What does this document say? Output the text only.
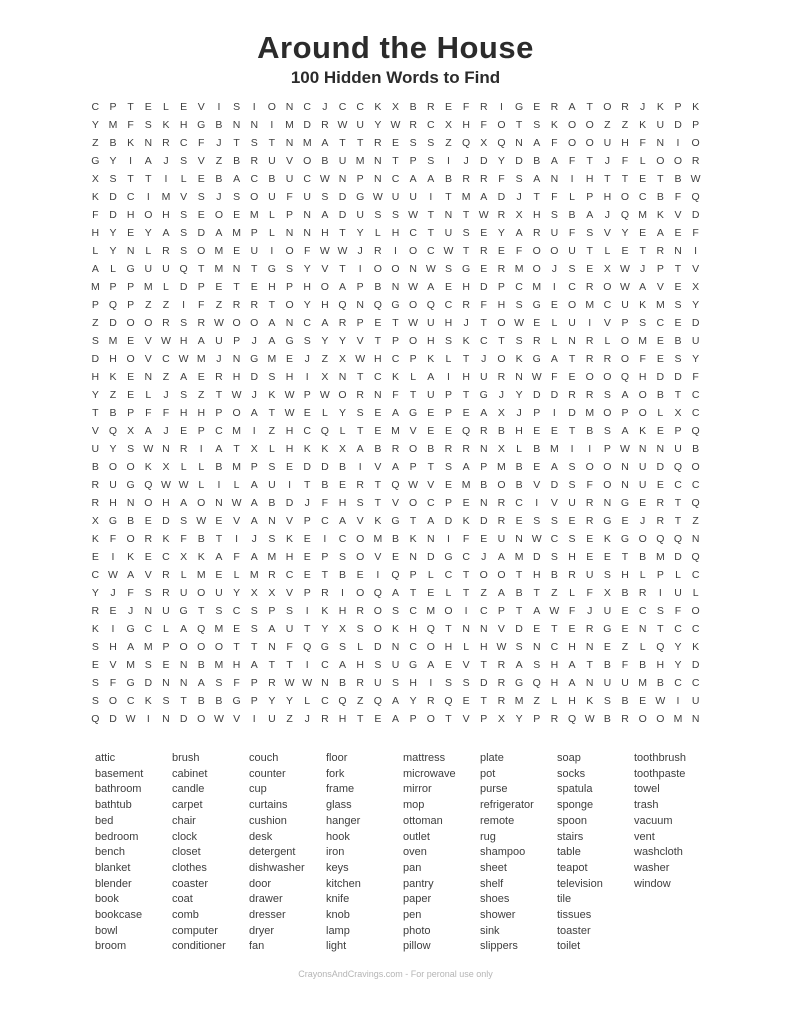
Around the House
100 Hidden Words to Find
C P	T	E	L	E	V	I	S	I	O N C	J	C C K	X	B R E	F	R	I	G E R A	T O R	J	K	P	K
Y M F	S	K H G B N N	I	M D R W U Y W R C X H	F O T	S	K O O Z	Z	K U D P
Z	B	K N R C	F	J	T	S	T	N M A	T	T	R E	S	S	Z Q X Q N A	F O O U H	F	N	I	O
G Y	I	A	J	S	V	Z	B R U V O B U M N	T	P	S	I	J	D Y D B	A	F	T	J	F	L	O O R
X	S	T	T	I	L	E	B	A C B U C W N P N C A	A	B R R	F	S	A N	I	H	T	T	E	T	B W
K D C	I	M V	S	J	S O U	F	U S D G W U U	I	T M A D	J	T	F	L	P H O C B	F Q
F	D H O H S	E O E M L	P N A D U S	S W T	N	T W R X H S	B	A	J	Q M K	V D
H Y	E	Y	A	S D A M P	L	N N H	T	Y	L	H C	T	U S	E	Y	A R U	F	S	V	Y	E	A	E	F
L	Y N	L	R S O M E U	I	O F W W J	R	I	O C W T	R E	F O O U	T	L	E	T	R N	I
A	L	G U U Q T M N	T G S	Y	V	T	I	O O N W S G E R M O	J	S	E	X W J	P	T	V
M P	P M L	D P	E	T	E H P H O A	P	B N W A	E H D P C M	I	C R O W A	V	E	X
P Q P	Z	Z	I	F	Z	R R	T O Y H Q N Q G O Q C R	F	H S G E O M C U K M S	Y
Z	D O O R S R W O O A N C A R P	E	T W U H	J	T O W E	L	U	I	V	P	S C E D
S M E	V W H A U P	J	A G S	Y	Y	V	T	P O H S	K C	T	S R	L	N R	L	O M E	B U
D H O V C W M	J	N G M E	J	Z	X W H C P	K	L	T	J	O K G A	T	R R O F	E	S	Y
H K	E N	Z	A	E R H D S H	I	X N	T	C K	L	A	I	H U R N W F	E O O Q H D D	F
Y	Z	E	L	J	S	Z	T W J	K W P W O R N	F	T	U P	T G	J	Y D D R R S	A O B	T	C
T	B	P	F	F	H H P O A	T W E	L	Y	S	E	A G E	P	E	A	X	J	P	I	D M O P O	L	X C
V Q X	A	J	E	P C M	I	Z	H C Q	L	T	E M V	E	E Q R B H E	E	T	B	S	A	K	E	P Q
U Y	S W N R	I	A	T	X	L	H K	K	X	A	B R O B R R N X	L	B M	I	I	P W N N U B
B O O K	X	L	L	B M P	S	E D D B	I	V	A	P	T	S	A	P M B	E	A	S O O N U D Q O
R U G Q W W L	I	L	A U	I	T	B	E R	T Q W V	E M B O B	V D S	F O N U E C C
R H N O H A O N W A	B D	J	F	H S	T	V O C P	E N R C	I	V U R N G E R	T Q
X G B	E D S W E	V	A N V	P C A	V	K G T	A D K D R E	S	S	E R G E	J	R	T	Z
K	F O R K	F	B	T	I	J	S	K	E	I	C O M B	K N	I	F	E U N W C S	E	K G O Q Q N
E	I	K	E C X	K	A	F	A M H E	P	S O V	E N D G C	J	A M D S H E	E	T	B M D Q
C W A	V R	L M E	L M R C E	T	B	E	I	Q P	L	C	T O O T	H B R U S H	L	P	L	C
Y	J	F	S R U O U Y	X	X	V	P R	I	O Q A	T	E	L	T	Z	A	B	T	Z	L	F	X	B R	I	U	L
R E	J	N U G T	S C S	P	S	I	K H R O S C M O	I	C P	T	A W F	J	U E C S	F O
K	I	G C	L	A Q M E	S	A U	T	Y	X	S O K H Q T	N N V D E	T	E R G E N	T	C C
S H A M P O O O T	T	N	F Q G S	L	D N C O H	L	H W S N C H N E	Z	L	Q Y	K
E	V M S	E N B M H A	T	T	I	C A H S U G A	E	V	T	R A	S H A	T	B	F	B H Y D
S	F G D N N A	S	F	P R W W N B R U S H	I	S	S D R G Q H A N U U M B C C
S O C K	S	T	B	B G P	Y	Y	L	C Q Z Q A	Y R Q E	T	R M Z	L	H K	S	B	E W	I	U
Q D W	I	N D O W V	I	U	Z	J	R H	T	E	A	P O T	V	P	X	Y	P R Q W B R O O M N
attic
basement
bathroom
bathtub
bed
bedroom
bench
blanket
blender
book
bookcase
bowl
broom
brush
cabinet
candle
carpet
chair
clock
closet
clothes
coaster
coat
comb
computer
conditioner
couch
counter
cup
curtains
cushion
desk
detergent
dishwasher
door
drawer
dresser
dryer
fan
floor
fork
frame
glass
hanger
hook
iron
keys
kitchen
knife
knob
lamp
light
mattress
microwave
mirror
mop
ottoman
outlet
oven
pan
pantry
paper
pen
photo
pillow
plate
pot
purse
refrigerator
remote
rug
shampoo
sheet
shelf
shoes
shower
sink
slippers
soap
socks
spatula
sponge
spoon
stairs
table
teapot
television
tile
tissues
toaster
toilet
toothbrush
toothpaste
towel
trash
vacuum
vent
washcloth
washer
window
CrayonsAndCravings.com - For peronal use only
